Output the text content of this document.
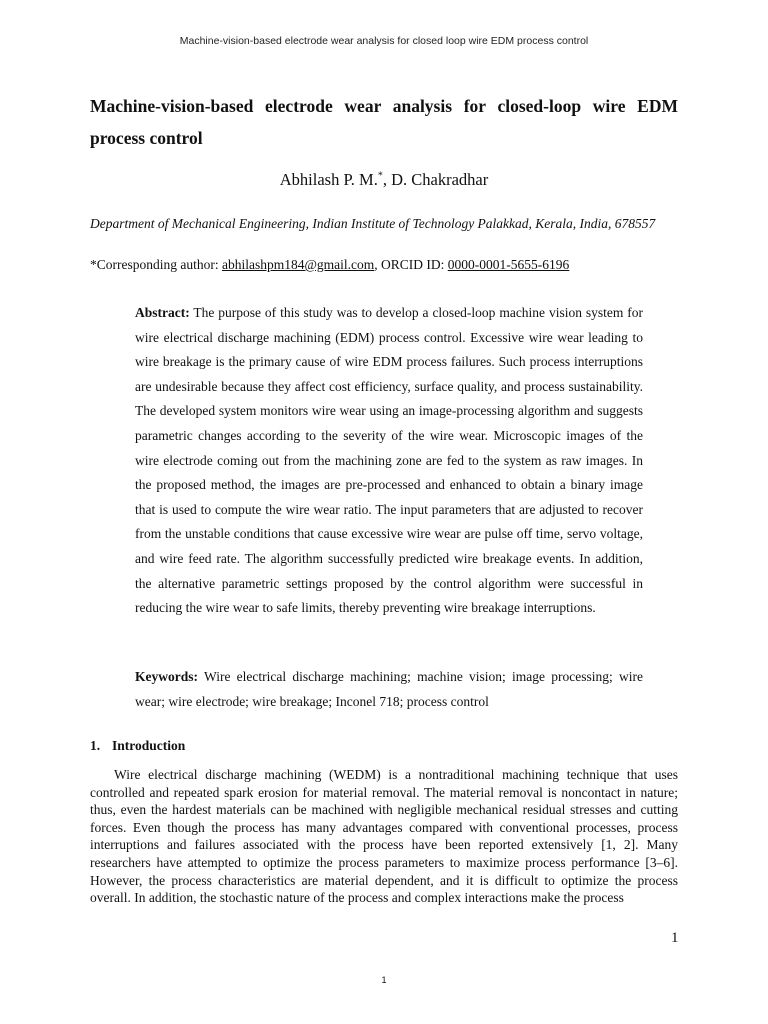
Machine-vision-based electrode wear analysis for closed loop wire EDM process control
Machine-vision-based electrode wear analysis for closed-loop wire EDM process control
Abhilash P. M.*, D. Chakradhar
Department of Mechanical Engineering, Indian Institute of Technology Palakkad, Kerala, India, 678557
*Corresponding author: abhilashpm184@gmail.com, ORCID ID: 0000-0001-5655-6196

Abstract: The purpose of this study was to develop a closed-loop machine vision system for wire electrical discharge machining (EDM) process control. Excessive wire wear leading to wire breakage is the primary cause of wire EDM process failures. Such process interruptions are undesirable because they affect cost efficiency, surface quality, and process sustainability. The developed system monitors wire wear using an image-processing algorithm and suggests parametric changes according to the severity of the wire wear. Microscopic images of the wire electrode coming out from the machining zone are fed to the system as raw images. In the proposed method, the images are pre-processed and enhanced to obtain a binary image that is used to compute the wire wear ratio. The input parameters that are adjusted to recover from the unstable conditions that cause excessive wire wear are pulse off time, servo voltage, and wire feed rate. The algorithm successfully predicted wire breakage events. In addition, the alternative parametric settings proposed by the control algorithm were successful in reducing the wire wear to safe limits, thereby preventing wire breakage interruptions.

Keywords: Wire electrical discharge machining; machine vision; image processing; wire wear; wire electrode; wire breakage; Inconel 718; process control

1. Introduction

Wire electrical discharge machining (WEDM) is a nontraditional machining technique that uses controlled and repeated spark erosion for material removal. The material removal is noncontact in nature; thus, even the hardest materials can be machined with negligible mechanical residual stresses and cutting forces. Even though the process has many advantages compared with conventional processes, process interruptions and failures associated with the process have been reported extensively [1, 2]. Many researchers have attempted to optimize the process parameters to maximize process performance [3–6]. However, the process characteristics are material dependent, and it is difficult to optimize the process overall. In addition, the stochastic nature of the process and complex interactions make the process

1
1
